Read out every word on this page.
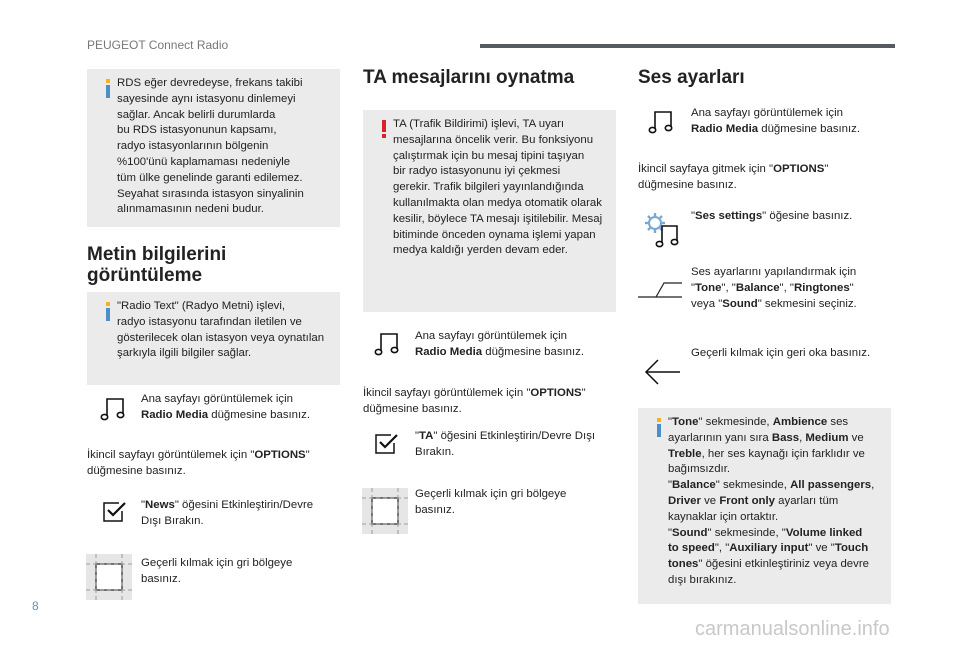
PEUGEOT Connect Radio
RDS eğer devredeyse, frekans takibi
sayesinde aynı istasyonu dinlemeyi
sağlar. Ancak belirli durumlarda
bu RDS istasyonunun kapsamı,
radyo istasyonlarının bölgenin
%100'ünü kaplamaması nedeniyle
tüm ülke genelinde garanti edilemez.
Seyahat sırasında istasyon sinyalinin
alınmamasının nedeni budur.
Metin bilgilerini
görüntüleme
"Radio Text" (Radyo Metni) işlevi,
radyo istasyonu tarafından iletilen ve
gösterilecek olan istasyon veya oynatılan
şarkıyla ilgili bilgiler sağlar.
Ana sayfayı görüntülemek için
Radio Media düğmesine basınız.
İkincil sayfayı görüntülemek için "OPTIONS"
düğmesine basınız.
"News" öğesini Etkinleştirin/Devre
Dışı Bırakın.
Geçerli kılmak için gri bölgeye
basınız.
TA mesajlarını oynatma
TA (Trafik Bildirimi) işlevi, TA uyarı
mesajlarına öncelik verir. Bu fonksiyonu
çalıştırmak için bu mesaj tipini taşıyan
bir radyo istasyonunu iyi çekmesi
gerekir. Trafik bilgileri yayınlandığında
kullanılmakta olan medya otomatik olarak
kesilir, böylece TA mesajı işitilebilir. Mesaj
bitiminde önceden oynama işlemi yapan
medya kaldığı yerden devam eder.
Ana sayfayı görüntülemek için
Radio Media düğmesine basınız.
İkincil sayfayı görüntülemek için "OPTIONS"
düğmesine basınız.
"TA" öğesini Etkinleştirin/Devre Dışı
Bırakın.
Geçerli kılmak için gri bölgeye
basınız.
Ses ayarları
Ana sayfayı görüntülemek için
Radio Media düğmesine basınız.
İkincil sayfaya gitmek için "OPTIONS"
düğmesine basınız.
"Ses settings" öğesine basınız.
Ses ayarlarını yapılandırmak için
"Tone", "Balance", "Ringtones"
veya "Sound" sekmesini seçiniz.
Geçerli kılmak için geri oka basınız.
"Tone" sekmesinde, Ambience ses
ayarlarının yanı sıra Bass, Medium ve
Treble, her ses kaynağı için farklıdır ve
bağımsızdır.
"Balance" sekmesinde, All passengers,
Driver ve Front only ayarları tüm
kaynaklar için ortaktır.
"Sound" sekmesinde, "Volume linked
to speed", "Auxiliary input" ve "Touch
tones" öğesini etkinleştiriniz veya devre
dışı bırakınız.
8
carmanualsonline.info
